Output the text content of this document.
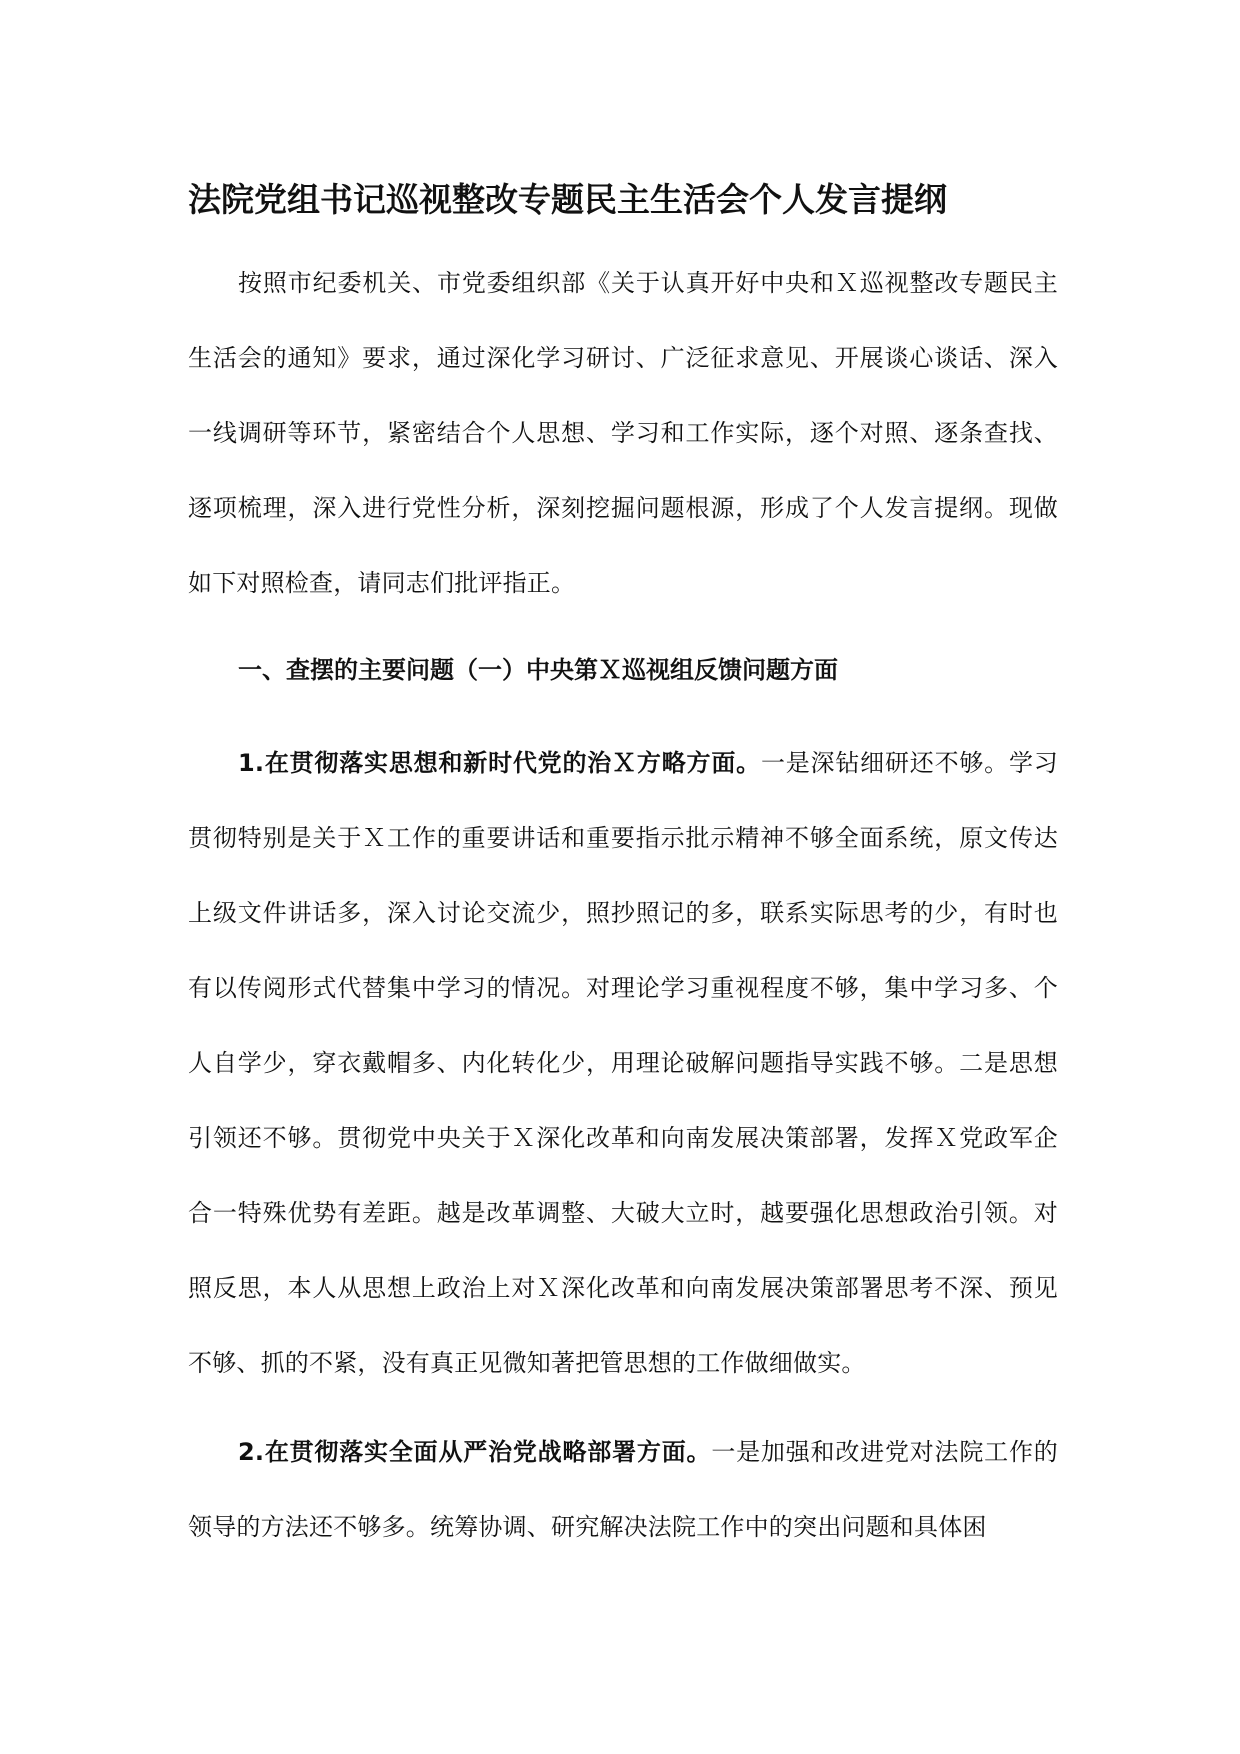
法院党组书记巡视整改专题民主生活会个人发言提纲

按照市纪委机关、市党委组织部《关于认真开好中央和Ｘ巡视整改专题民主生活会的通知》要求，通过深化学习研讨、广泛征求意见、开展谈心谈话、深入一线调研等环节，紧密结合个人思想、学习和工作实际，逐个对照、逐条查找、逐项梳理，深入进行党性分析，深刻挖掘问题根源，形成了个人发言提纲。现做如下对照检查，请同志们批评指正。

一、查摆的主要问题（一）中央第Ｘ巡视组反馈问题方面

1.在贯彻落实思想和新时代党的治Ｘ方略方面。一是深钻细研还不够。学习贯彻特别是关于Ｘ工作的重要讲话和重要指示批示精神不够全面系统，原文传达上级文件讲话多，深入讨论交流少，照抄照记的多，联系实际思考的少，有时也有以传阅形式代替集中学习的情况。对理论学习重视程度不够，集中学习多、个人自学少，穿衣戴帽多、内化转化少，用理论破解问题指导实践不够。二是思想引领还不够。贯彻党中央关于Ｘ深化改革和向南发展决策部署，发挥Ｘ党政军企合一特殊优势有差距。越是改革调整、大破大立时，越要强化思想政治引领。对照反思，本人从思想上政治上对Ｘ深化改革和向南发展决策部署思考不深、预见不够、抓的不紧，没有真正见微知著把管思想的工作做细做实。

2.在贯彻落实全面从严治党战略部署方面。一是加强和改进党对法院工作的领导的方法还不够多。统筹协调、研究解决法院工作中的突出问题和具体困
